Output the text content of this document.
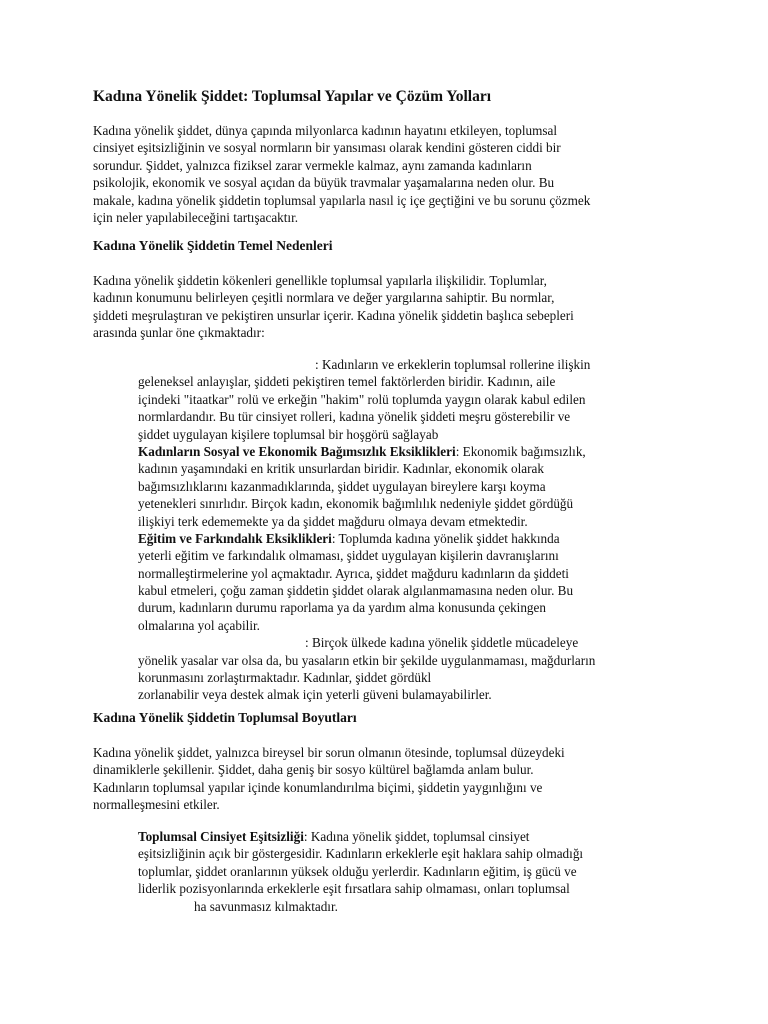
Kadına Yönelik Şiddet: Toplumsal Yapılar ve Çözüm Yolları
Kadına yönelik şiddet, dünya çapında milyonlarca kadının hayatını etkileyen, toplumsal
cinsiyet eşitsizliğinin ve sosyal normların bir yansıması olarak kendini gösteren ciddi bir
sorundur. Şiddet, yalnızca fiziksel zarar vermekle kalmaz, aynı zamanda kadınların
psikolojik, ekonomik ve sosyal açıdan da büyük travmalar yaşamalarına neden olur. Bu
makale, kadına yönelik şiddetin toplumsal yapılarla nasıl iç içe geçtiğini ve bu sorunu çözmek
için neler yapılabileceğini tartışacaktır.
Kadına Yönelik Şiddetin Temel Nedenleri
Kadına yönelik şiddetin kökenleri genellikle toplumsal yapılarla ilişkilidir. Toplumlar,
kadının konumunu belirleyen çeşitli normlara ve değer yargılarına sahiptir. Bu normlar,
şiddeti meşrulaştıran ve pekiştiren unsurlar içerir. Kadına yönelik şiddetin başlıca sebepleri
arasında şunlar öne çıkmaktadır:
: Kadınların ve erkeklerin toplumsal rollerine ilişkin
geleneksel anlayışlar, şiddeti pekiştiren temel faktörlerden biridir. Kadının, aile
içindeki "itaatkar" rolü ve erkeğin "hakim" rolü toplumda yaygın olarak kabul edilen
normlardandır. Bu tür cinsiyet rolleri, kadına yönelik şiddeti meşru gösterebilir ve
şiddet uygulayan kişilere toplumsal bir hoşgörü sağlayab
Kadınların Sosyal ve Ekonomik Bağımsızlık Eksiklikleri: Ekonomik bağımsızlık,
kadının yaşamındaki en kritik unsurlardan biridir. Kadınlar, ekonomik olarak
bağımsızlıklarını kazanmadıklarında, şiddet uygulayan bireylere karşı koyma
yetenekleri sınırlıdır. Birçok kadın, ekonomik bağımlılık nedeniyle şiddet gördüğü
ilişkiyi terk edememekte ya da şiddet mağduru olmaya devam etmektedir.
Eğitim ve Farkındalık Eksiklikleri: Toplumda kadına yönelik şiddet hakkında
yeterli eğitim ve farkındalık olmaması, şiddet uygulayan kişilerin davranışlarını
normalleştirmelerine yol açmaktadır. Ayrıca, şiddet mağduru kadınların da şiddeti
kabul etmeleri, çoğu zaman şiddetin şiddet olarak algılanmamasına neden olur. Bu
durum, kadınların durumu raporlama ya da yardım alma konusunda çekingen
olmalarına yol açabilir.
: Birçok ülkede kadına yönelik şiddetle mücadeleye
yönelik yasalar var olsa da, bu yasaların etkin bir şekilde uygulanmaması, mağdurların
korunmasını zorlaştırmaktadır. Kadınlar, şiddet gördükl
zorlanabilir veya destek almak için yeterli güveni bulamayabilirler.
Kadına Yönelik Şiddetin Toplumsal Boyutları
Kadına yönelik şiddet, yalnızca bireysel bir sorun olmanın ötesinde, toplumsal düzeydeki
dinamiklerle şekillenir. Şiddet, daha geniş bir sosyo kültürel bağlamda anlam bulur.
Kadınların toplumsal yapılar içinde konumlandırılma biçimi, şiddetin yaygınlığını ve
normalleşmesini etkiler.
Toplumsal Cinsiyet Eşitsizliği: Kadına yönelik şiddet, toplumsal cinsiyet
eşitsizliğinin açık bir göstergesidir. Kadınların erkeklerle eşit haklara sahip olmadığı
toplumlar, şiddet oranlarının yüksek olduğu yerlerdir. Kadınların eğitim, iş gücü ve
liderlik pozisyonlarında erkeklerle eşit fırsatlara sahip olmaması, onları toplumsal
ha savunmasız kılmaktadır.
